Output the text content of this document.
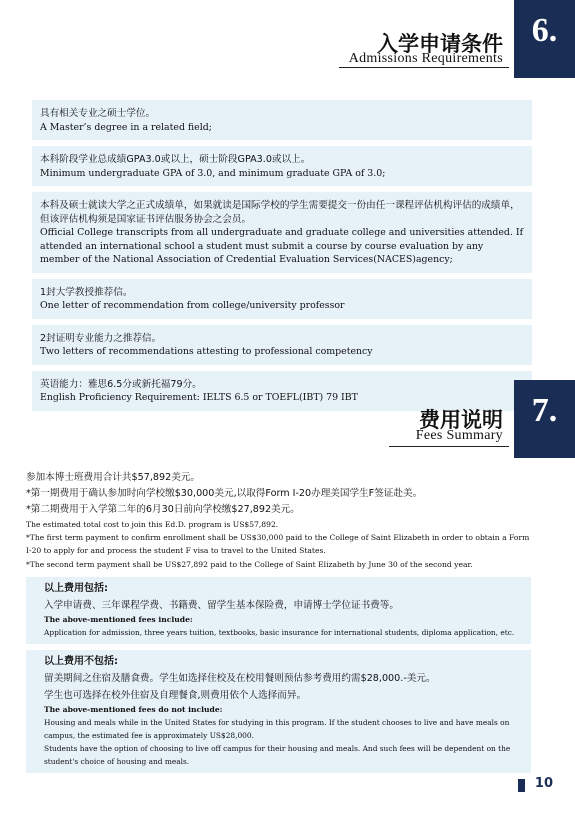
入学申请条件
Admissions Requirements
6.
具有相关专业之硕士学位。
A Master’s degree in a related field;
本科阶段学业总成绩GPA3.0或以上，硕士阶段GPA3.0或以上。
Minimum undergraduate GPA of 3.0, and minimum graduate GPA of 3.0;
本科及硕士就读大学之正式成绩单，如果就读是国际学校的学生需要提交一份由任一课程评估机构评估的成绩单，但该评估机构须是国家证书评估服务协会之会员。
Official College transcripts from all undergraduate and graduate college and universities attended. If attended an international school a student must submit a course by course evaluation by any member of the National Association of Credential Evaluation Services(NACES)agency;
1封大学教授推荐信。
One letter of recommendation from college/university professor
2封证明专业能力之推荐信。
Two letters of recommendations attesting to professional competency
英语能力：雅思6.5分或新托福79分。
English Proficiency Requirement: IELTS 6.5 or TOEFL(IBT) 79 IBT
费用说明
Fees Summary
7.
参加本博士班费用合计共$57,892美元。
*第一期费用于确认参加时向学校缴$30,000美元,以取得Form I-20办理美国学生F签证赴美。
*第二期费用于入学第二年的6月30日前向学校缴$27,892美元。
The estimated total cost to join this Ed.D. program is US$57,892.
*The first term payment to confirm enrollment shall be US$30,000 paid to the College of Saint Elizabeth in order to obtain a Form I-20 to apply for and process the student F visa to travel to the United States.
*The second term payment shall be US$27,892 paid to the College of Saint Elizabeth by June 30 of the second year.
以上费用包括:
入学申请费、三年课程学费、书籍费、留学生基本保险费，申请博士学位证书费等。
The above-mentioned fees include:
Application for admission, three years tuition, textbooks, basic insurance for international students, diploma application, etc.
以上费用不包括:
留美期间之住宿及膳食费。学生如选择住校及在校用餐则预估参考费用约需$28,000.-美元。
学生也可选择在校外住宿及自理餐食,则费用依个人选择而异。
The above-mentioned fees do not include:
Housing and meals while in the United States for studying in this program. If the student chooses to live and have meals on campus, the estimated fee is approximately US$28,000.
Students have the option of choosing to live off campus for their housing and meals. And such fees will be dependent on the student's choice of housing and meals.
10
